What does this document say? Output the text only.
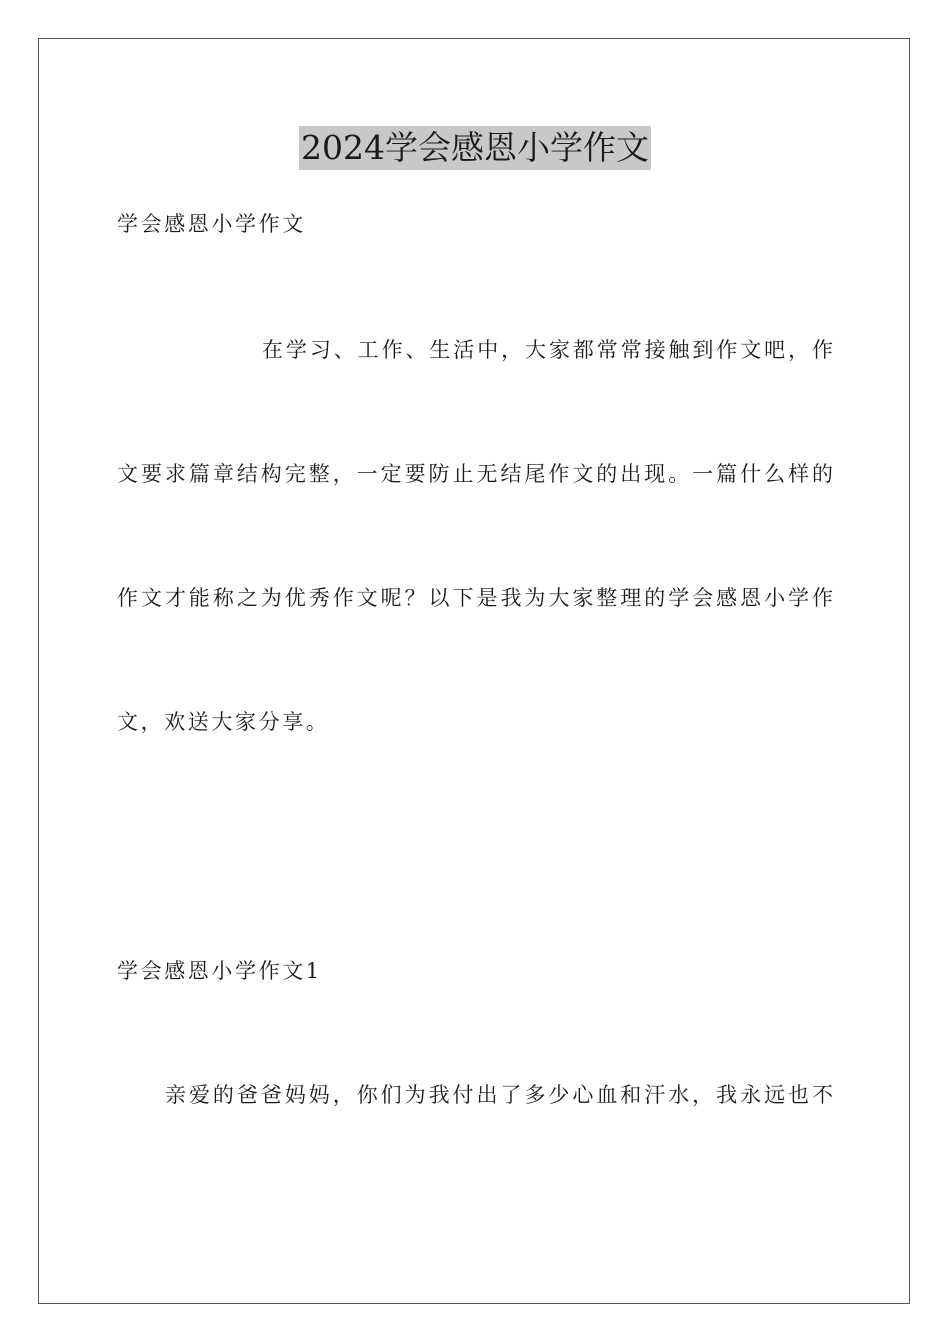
2024学会感恩小学作文
学会感恩小学作文
在学习、工作、生活中，大家都常常接触到作文吧，作
文要求篇章结构完整，一定要防止无结尾作文的出现。一篇什么样的
作文才能称之为优秀作文呢？以下是我为大家整理的学会感恩小学作
文，欢送大家分享。
学会感恩小学作文1
亲爱的爸爸妈妈，你们为我付出了多少心血和汗水，我永远也不
